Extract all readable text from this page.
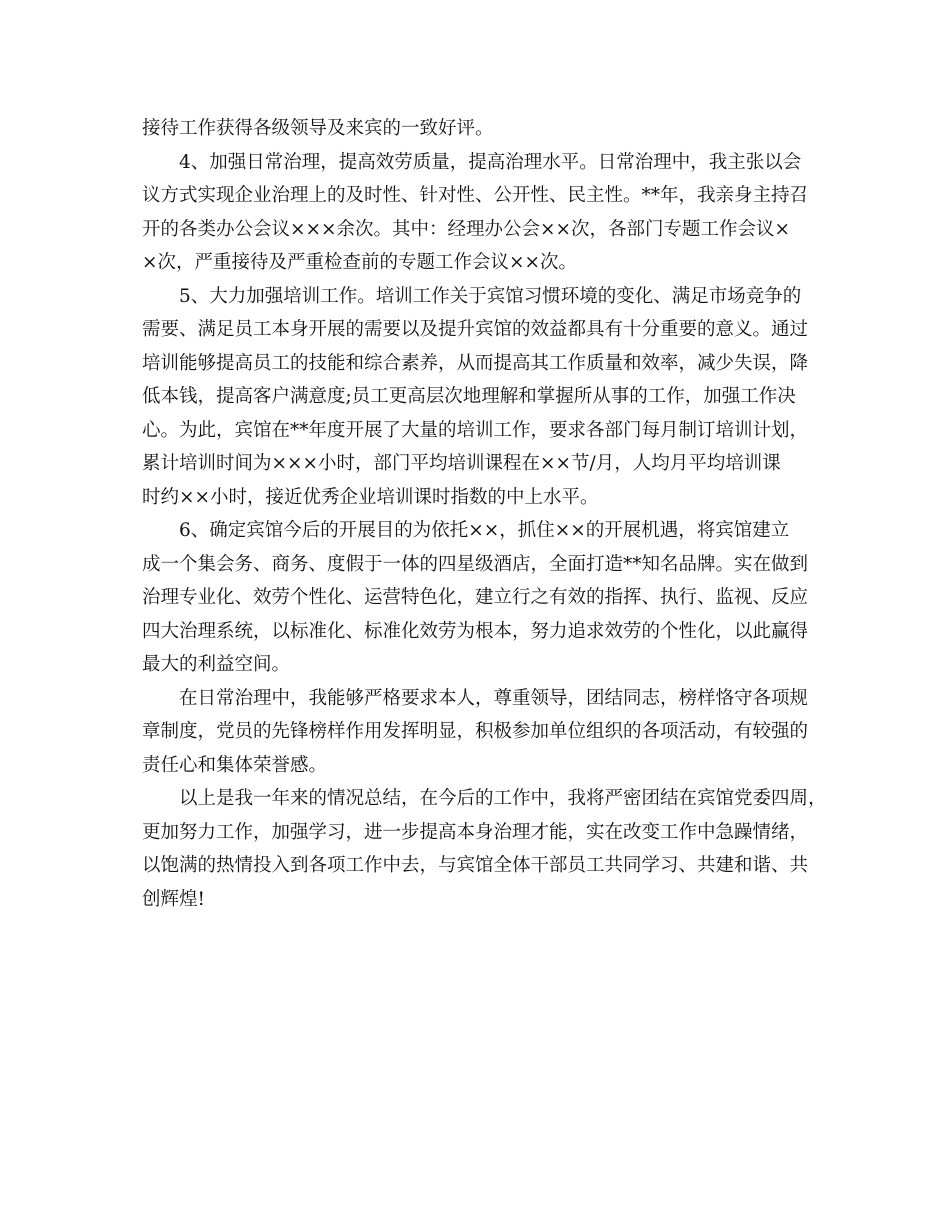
接待工作获得各级领导及来宾的一致好评。
4、加强日常治理，提高效劳质量，提高治理水平。日常治理中，我主张以会
议方式实现企业治理上的及时性、针对性、公开性、民主性。**年，我亲身主持召
开的各类办公会议×××余次。其中：经理办公会××次，各部门专题工作会议×
×次，严重接待及严重检查前的专题工作会议××次。
5、大力加强培训工作。培训工作关于宾馆习惯环境的变化、满足市场竞争的
需要、满足员工本身开展的需要以及提升宾馆的效益都具有十分重要的意义。通过
培训能够提高员工的技能和综合素养，从而提高其工作质量和效率，减少失误，降
低本钱，提高客户满意度;员工更高层次地理解和掌握所从事的工作，加强工作决
心。为此，宾馆在**年度开展了大量的培训工作，要求各部门每月制订培训计划，
累计培训时间为×××小时，部门平均培训课程在××节/月，人均月平均培训课
时约××小时，接近优秀企业培训课时指数的中上水平。
6、确定宾馆今后的开展目的为依托××，抓住××的开展机遇，将宾馆建立
成一个集会务、商务、度假于一体的四星级酒店，全面打造**知名品牌。实在做到
治理专业化、效劳个性化、运营特色化，建立行之有效的指挥、执行、监视、反应
四大治理系统，以标准化、标准化效劳为根本，努力追求效劳的个性化，以此赢得
最大的利益空间。
在日常治理中，我能够严格要求本人，尊重领导，团结同志，榜样恪守各项规
章制度，党员的先锋榜样作用发挥明显，积极参加单位组织的各项活动，有较强的
责任心和集体荣誉感。
以上是我一年来的情况总结，在今后的工作中，我将严密团结在宾馆党委四周，
更加努力工作，加强学习，进一步提高本身治理才能，实在改变工作中急躁情绪，
以饱满的热情投入到各项工作中去，与宾馆全体干部员工共同学习、共建和谐、共
创辉煌!
